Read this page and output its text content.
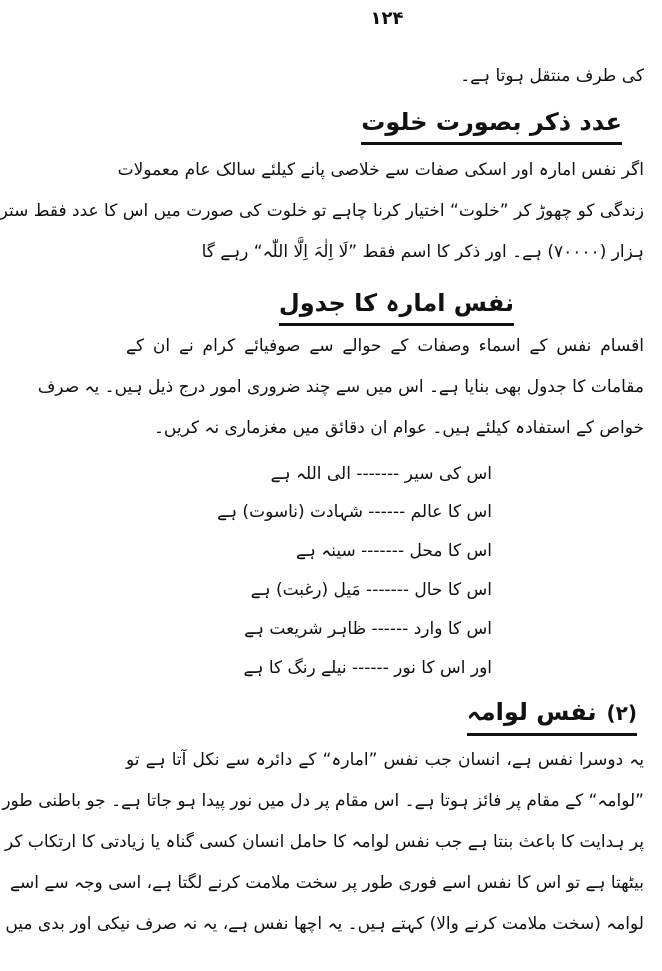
۱۲۴
کی طرف منتقل ہوتا ہے۔
عدد ذکر بصورت خلوت
اگر نفس امارہ اور اسکی صفات سے خلاصی پانے کیلئے سالک عام معمولات
زندگی کو چھوڑ کر ”خلوت“ اختیار کرنا چاہے تو خلوت کی صورت میں اس کا عدد فقط ستر
ہزار (۷۰۰۰۰) ہے۔ اور ذکر کا اسم فقط ”لَا اِلٰہَ اِلَّا اللّٰہ“ رہے گا
نفس امارہ کا جدول
اقسام نفس کے اسماء وصفات کے حوالے سے صوفیائے کرام نے ان کے
مقامات کا جدول بھی بنایا ہے۔ اس میں سے چند ضروری امور درج ذیل ہیں۔ یہ صرف
خواص کے استفادہ کیلئے ہیں۔ عوام ان دقائق میں مغزماری نہ کریں۔
اس کی سیر ------- الی اللہ ہے
اس کا عالم ------ شہادت (ناسوت) ہے
اس کا محل ------- سینہ ہے
اس کا حال ------- مَیل (رغبت) ہے
اس کا وارد ------ ظاہر شریعت ہے
اور اس کا نور ------ نیلے رنگ کا ہے
(۲)نفس لوامہ
یہ دوسرا نفس ہے، انسان جب نفس ”امارہ“ کے دائرہ سے نکل آتا ہے تو
”لوامہ“ کے مقام پر فائز ہوتا ہے۔ اس مقام پر دل میں نور پیدا ہو جاتا ہے۔ جو باطنی طور
پر ہدایت کا باعث بنتا ہے جب نفس لوامہ کا حامل انسان کسی گناہ یا زیادتی کا ارتکاب کر
بیٹھتا ہے تو اس کا نفس اسے فوری طور پر سخت ملامت کرنے لگتا ہے، اسی وجہ سے اسے
لوامہ (سخت ملامت کرنے والا) کہتے ہیں۔ یہ اچھا نفس ہے، یہ نہ صرف نیکی اور بدی میں
